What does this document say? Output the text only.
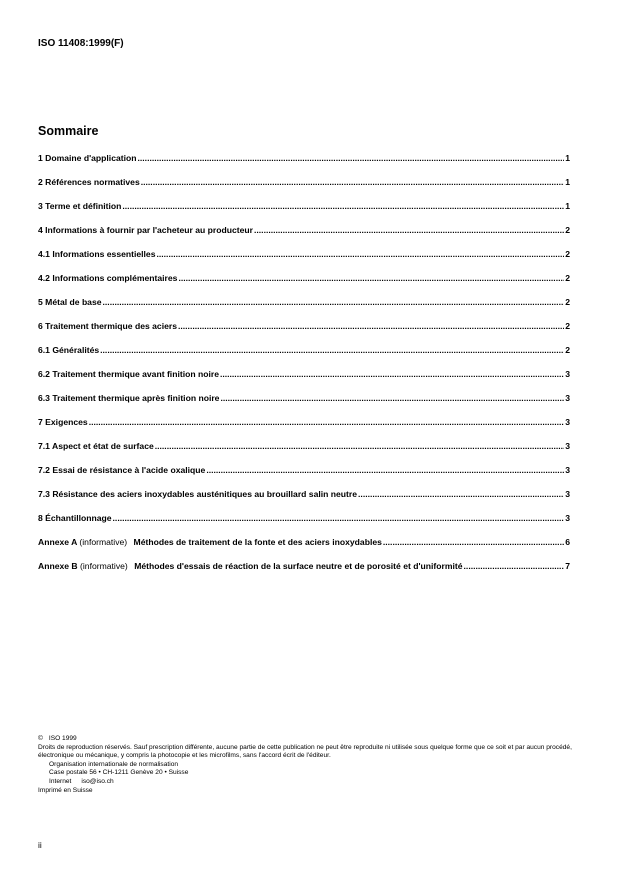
ISO 11408:1999(F)
Sommaire
1 Domaine d'application .....	1
2 Références normatives .....	1
3 Terme et définition .....	1
4 Informations à fournir par l'acheteur au producteur .....	2
4.1 Informations essentielles .....	2
4.2 Informations complémentaires .....	2
5 Métal de base .....	2
6 Traitement thermique des aciers .....	2
6.1 Généralités .....	2
6.2 Traitement thermique avant finition noire .....	3
6.3 Traitement thermique après finition noire .....	3
7 Exigences .....	3
7.1 Aspect et état de surface .....	3
7.2 Essai de résistance à l'acide oxalique .....	3
7.3 Résistance des aciers inoxydables austénitiques au brouillard salin neutre .....	3
8 Échantillonnage .....	3
Annexe A (informative) Méthodes de traitement de la fonte et des aciers inoxydables .....	6
Annexe B (informative) Méthodes d'essais de réaction de la surface neutre et de porosité et d'uniformité .....	7
© ISO 1999
Droits de reproduction réservés. Sauf prescription différente, aucune partie de cette publication ne peut être reproduite ni utilisée sous quelque forme que ce soit et par aucun procédé, électronique ou mécanique, y compris la photocopie et les microfilms, sans l'accord écrit de l'éditeur.
Organisation internationale de normalisation
Case postale 56 • CH-1211 Genève 20 • Suisse
Internet iso@iso.ch
Imprimé en Suisse
ii
